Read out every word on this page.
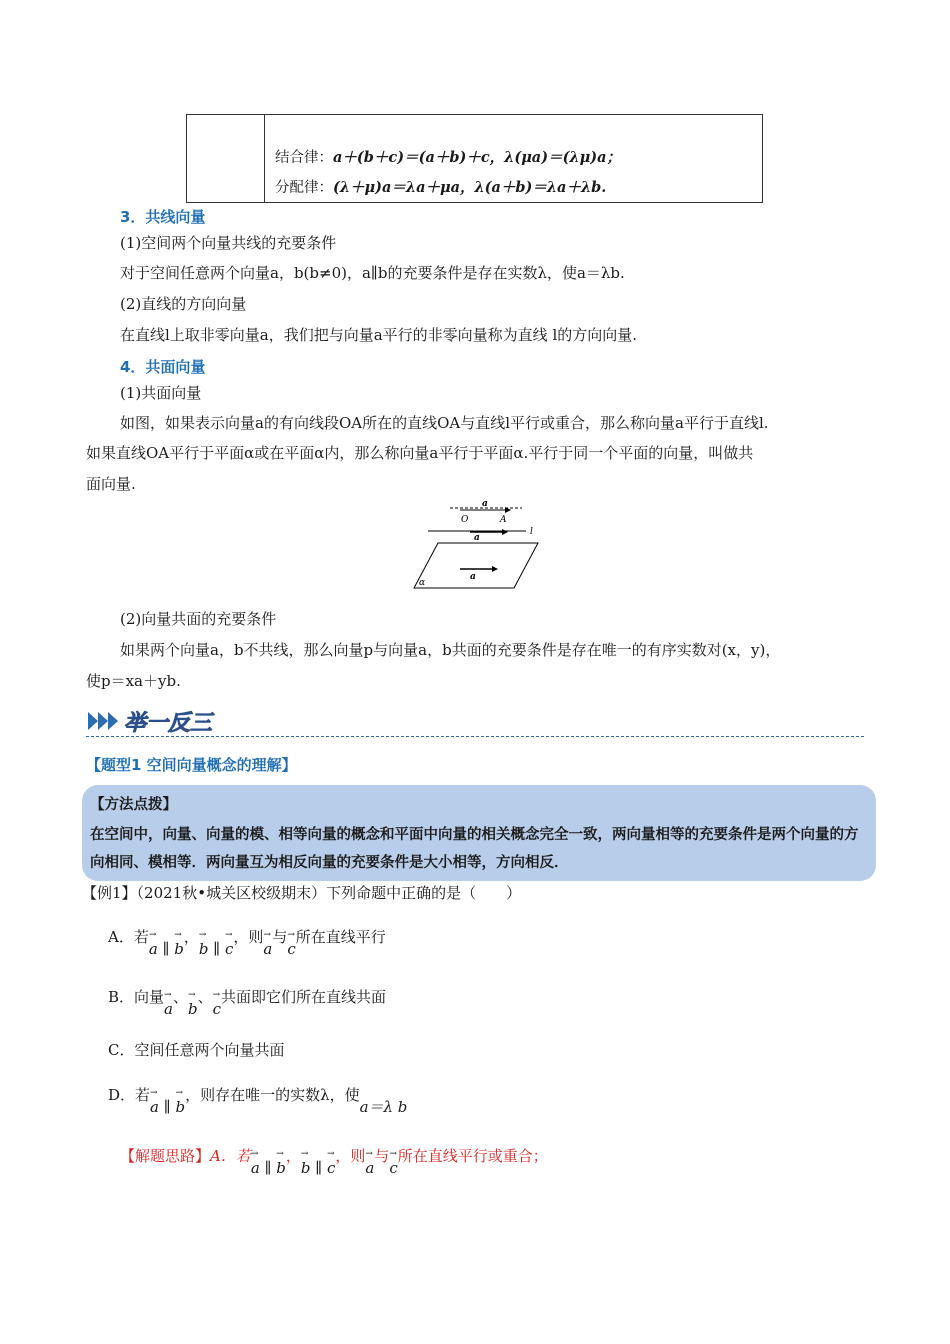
结合律：a＋(b＋c)＝(a＋b)＋c，λ(μa)＝(λμ)a；
分配律：(λ＋μ)a＝λa＋μa，λ(a＋b)＝λa＋λb.
3．共线向量
(1)空间两个向量共线的充要条件
对于空间任意两个向量a，b(b≠0)，a∥b的充要条件是存在实数λ，使a＝λb.
(2)直线的方向向量
在直线l上取非零向量a，我们把与向量a平行的非零向量称为直线 l的方向向量.
4．共面向量
(1)共面向量
如图，如果表示向量a的有向线段OA所在的直线OA与直线l平行或重合，那么称向量a平行于直线l.
如果直线OA平行于平面α或在平面α内，那么称向量a平行于平面α.平行于同一个平面的向量，叫做共
面向量.
a
O	A
l
a
a
α
(2)向量共面的充要条件
如果两个向量a，b不共线，那么向量p与向量a，b共面的充要条件是存在唯一的有序实数对(x，y)，
使p＝xa＋yb.
举一反三
【题型1 空间向量概念的理解】
【方法点拨】
在空间中，向量、向量的模、相等向量的概念和平面中向量的相关概念完全一致，两向量相等的充要条件是两个向量的方向相同、模相等．两向量互为相反向量的充要条件是大小相等，方向相反．
【例1】（2021秋•城关区校级期末）下列命题中正确的是（　　）
A．若→ a ∥ → b，→ b ∥ → c，则→ a与→ c所在直线平行
B．向量→ a、→ b、→ c共面即它们所在直线共面
C．空间任意两个向量共面
D．若→ a ∥ → b，则存在唯一的实数λ，使a＝λ b
【解题思路】A．若→ a ∥ → b，→ b ∥ → c，则→ a与→ c所在直线平行或重合；
